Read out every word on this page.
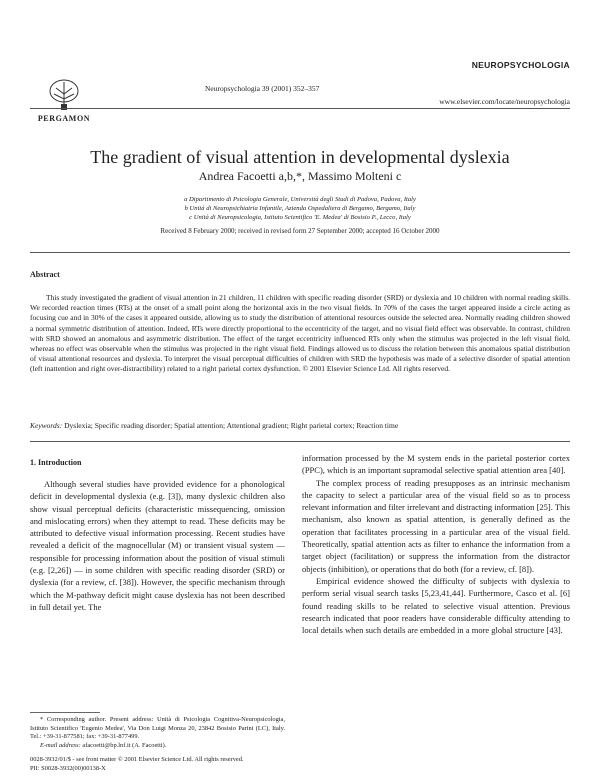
PERGAMON
Neuropsychologia 39 (2001) 352–357
NEUROPSYCHOLOGIA
www.elsevier.com/locate/neuropsychologia
The gradient of visual attention in developmental dyslexia
Andrea Facoetti a,b,*, Massimo Molteni c
a Dipartimento di Psicologia Generale, Università degli Studi di Padova, Padova, Italy
b Unità di Neuropsichiatria Infantile, Azienda Ospedaliera di Bergamo, Bergamo, Italy
c Unità di Neuropsicologia, Istituto Scientifico 'E. Medea' di Bosisio P., Lecco, Italy
Received 8 February 2000; received in revised form 27 September 2000; accepted 16 October 2000
Abstract

This study investigated the gradient of visual attention in 21 children, 11 children with specific reading disorder (SRD) or dyslexia and 10 children with normal reading skills. We recorded reaction times (RTs) at the onset of a small point along the horizontal axis in the two visual fields. In 70% of the cases the target appeared inside a circle acting as focusing cue and in 30% of the cases it appeared outside, allowing us to study the distribution of attentional resources outside the selected area. Normally reading children showed a normal symmetric distribution of attention. Indeed, RTs were directly proportional to the eccentricity of the target, and no visual field effect was observable. In contrast, children with SRD showed an anomalous and asymmetric distribution. The effect of the target eccentricity influenced RTs only when the stimulus was projected in the left visual field, whereas no effect was observable when the stimulus was projected in the right visual field. Findings allowed us to discuss the relation between this anomalous spatial distribution of visual attentional resources and dyslexia. To interpret the visual perceptual difficulties of children with SRD the hypothesis was made of a selective disorder of spatial attention (left inattention and right over-distractibility) related to a right parietal cortex dysfunction. © 2001 Elsevier Science Ltd. All rights reserved.

Keywords: Dyslexia; Specific reading disorder; Spatial attention; Attentional gradient; Right parietal cortex; Reaction time

1. Introduction

Although several studies have provided evidence for a phonological deficit in developmental dyslexia (e.g. [3]), many dyslexic children also show visual perceptual deficits (characteristic missequencing, omission and mislocating errors) when they attempt to read. These deficits may be attributed to defective visual information processing. Recent studies have revealed a deficit of the magnocellular (M) or transient visual system — responsible for processing information about the position of visual stimuli (e.g. [2,26]) — in some children with specific reading disorder (SRD) or dyslexia (for a review, cf. [38]). However, the specific mechanism through which the M-pathway deficit might cause dyslexia has not been described in full detail yet. The

information processed by the M system ends in the parietal posterior cortex (PPC), which is an important supramodal selective spatial attention area [40].

The complex process of reading presupposes as an intrinsic mechanism the capacity to select a particular area of the visual field so as to process relevant information and filter irrelevant and distracting information [25]. This mechanism, also known as spatial attention, is generally defined as the operation that facilitates processing in a particular area of the visual field. Theoretically, spatial attention acts as filter to enhance the information from a target object (facilitation) or suppress the information from the distractor objects (inhibition), or operations that do both (for a review, cf. [8]).

Empirical evidence showed the difficulty of subjects with dyslexia to perform serial visual search tasks [5,23,41,44]. Furthermore, Casco et al. [6] found reading skills to be related to selective visual attention. Previous research indicated that poor readers have considerable difficulty attending to local details when such details are embedded in a more global structure [43].

* Corresponding author. Present address: Unità di Psicologia Cognitiva-Neuropsicologia, Istituto Scientifico 'Eugenio Medea', Via Don Luigi Monza 20, 23842 Bosisio Parini (LC), Italy. Tel.: +39-31-877581; fax: +39-31-877499.

E-mail address: afacoetti@bp.lnf.it (A. Facoetti).

0028-3932/01/$ - see front matter © 2001 Elsevier Science Ltd. All rights reserved.
PII: S0028-3932(00)00138-X
